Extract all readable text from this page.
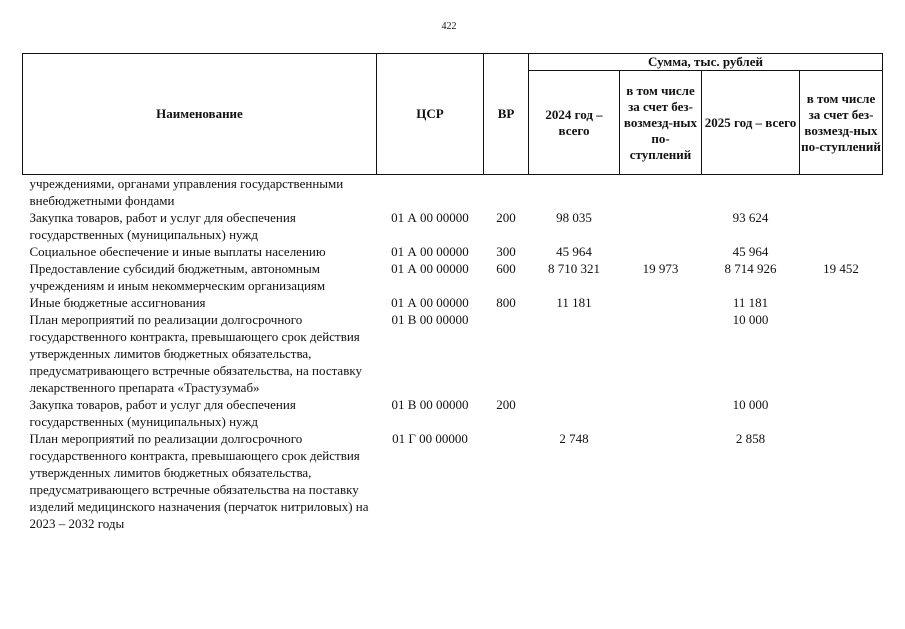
422
Наименование	ЦСР	ВР	Сумма, тыс. рублей			
			2024 год – всего	в том числе за счет без-возмезд-ных по-ступлений	2025 год – всего	в том числе за счет без-возмезд-ных по-ступлений
учреждениями, органами управления государственными внебюджетными фондами						
Закупка товаров, работ и услуг для обеспечения государственных (муниципальных) нужд	01 А 00 00000	200	98 035		93 624	
Социальное обеспечение и иные выплаты населению	01 А 00 00000	300	45 964		45 964	
Предоставление субсидий бюджетным, автономным учреждениям и иным некоммерческим организациям	01 А 00 00000	600	8 710 321	19 973	8 714 926	19 452
Иные бюджетные ассигнования	01 А 00 00000	800	11 181		11 181	
План мероприятий по реализации долгосрочного государственного контракта, превышающего срок действия утвержденных лимитов бюджетных обязательства, предусматривающего встречные обязательства, на поставку лекарственного препарата «Трастузумаб»	01 В 00 00000				10 000	
Закупка товаров, работ и услуг для обеспечения государственных (муниципальных) нужд	01 В 00 00000	200			10 000	
План мероприятий по реализации долгосрочного государственного контракта, превышающего срок действия утвержденных лимитов бюджетных обязательства, предусматривающего встречные обязательства на поставку изделий медицинского назначения (перчаток нитриловых) на 2023 – 2032 годы	01 Г 00 00000		2 748		2 858	
